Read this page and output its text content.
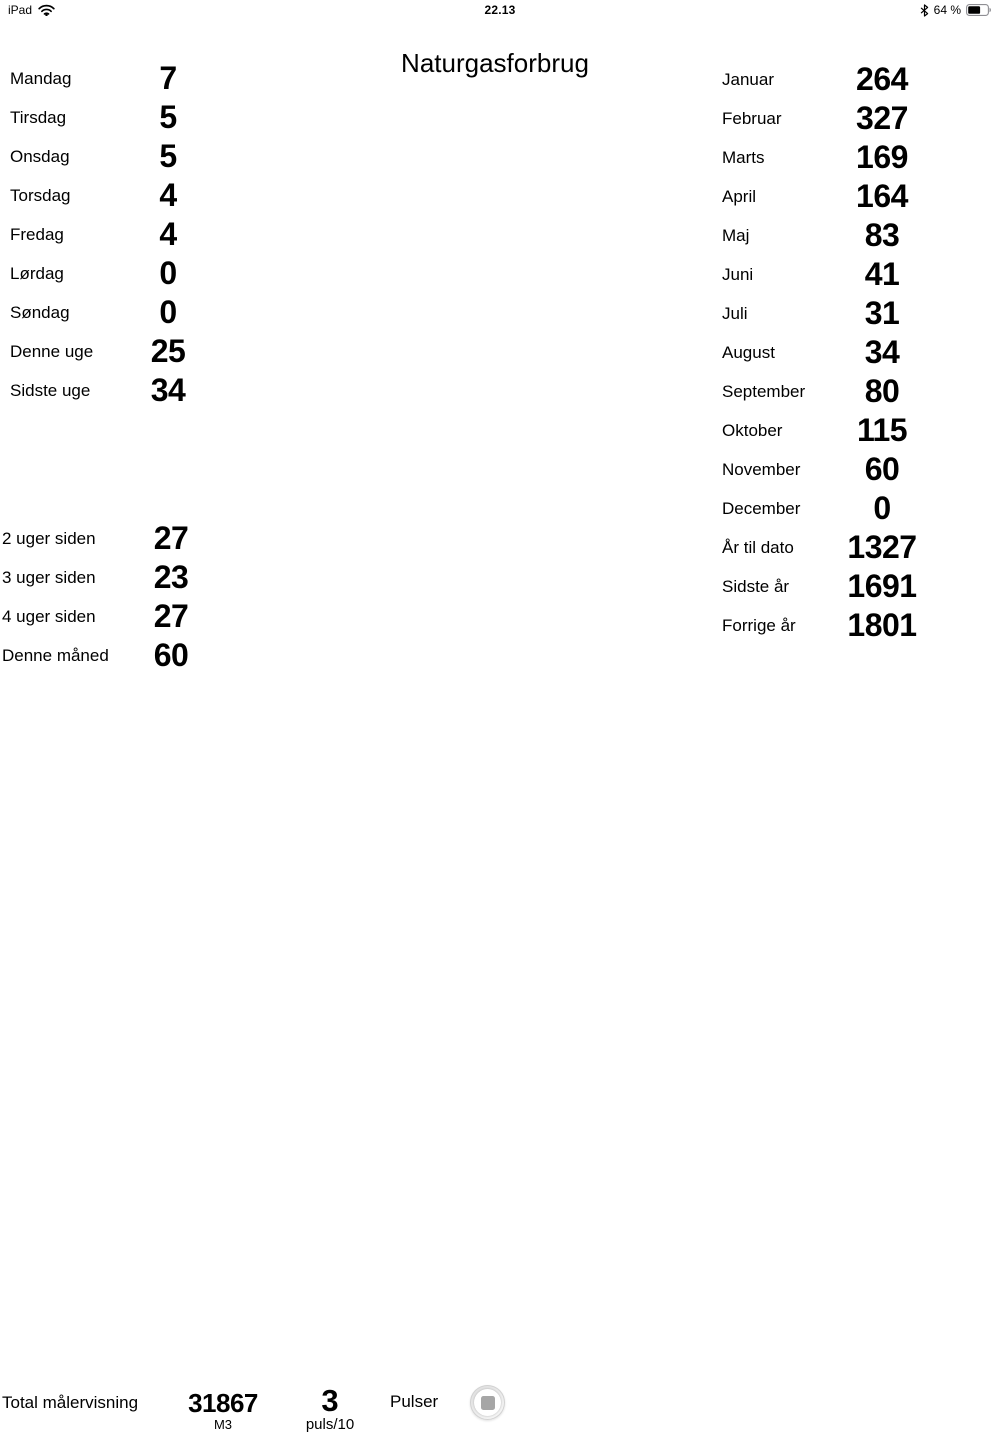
iPad	22.13	64 %
Naturgasforbrug
Mandag	7
Tirsdag	5
Onsdag	5
Torsdag	4
Fredag	4
Lørdag	0
Søndag	0
Denne uge	25
Sidste uge	34
2 uger siden	27
3 uger siden	23
4 uger siden	27
Denne måned	60
Januar	264
Februar	327
Marts	169
April	164
Maj	83
Juni	41
Juli	31
August	34
September	80
Oktober	115
November	60
December	0
År til dato	1327
Sidste år	1691
Forrige år	1801
Total målervisning 31867
M3
3
puls/10
Pulser
